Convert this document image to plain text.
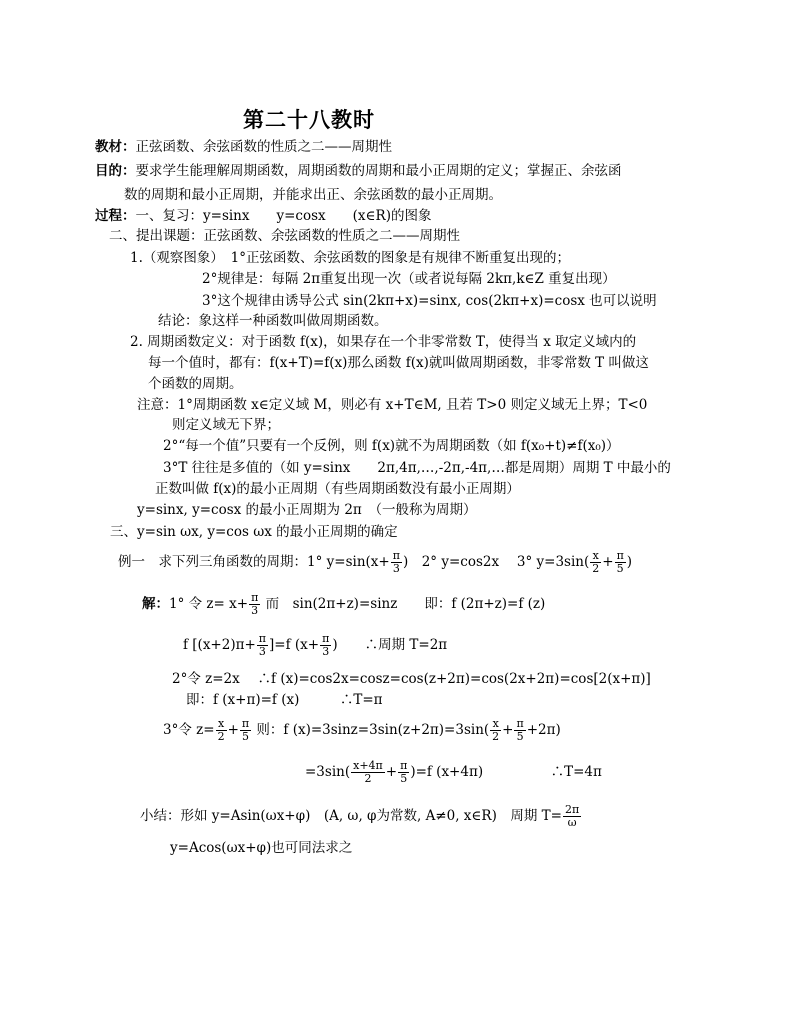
第二十八教时
教材：正弦函数、余弦函数的性质之二——周期性
目的：要求学生能理解周期函数，周期函数的周期和最小正周期的定义；掌握正、余弦函
数的周期和最小正周期，并能求出正、余弦函数的最小正周期。
过程：一、复习：y=sinx　　y=cosx　　(x∈R)的图象
二、提出课题：正弦函数、余弦函数的性质之二——周期性
1.（观察图象）　1°正弦函数、余弦函数的图象是有规律不断重复出现的；
2°规律是：每隔 2π重复出现一次（或者说每隔 2kπ,k∈Z 重复出现）
3°这个规律由诱导公式 sin(2kπ+x)=sinx, cos(2kπ+x)=cosx 也可以说明
结论：象这样一种函数叫做周期函数。
2. 周期函数定义：对于函数 f(x)，如果存在一个非零常数 T，使得当 x 取定义域内的
每一个值时，都有：f(x+T)=f(x)那么函数 f(x)就叫做周期函数，非零常数 T 叫做这
个函数的周期。
注意：1°周期函数 x∈定义域 M，则必有 x+T∈M, 且若 T>0 则定义域无上界；T<0
则定义域无下界；
2°“每一个值”只要有一个反例，则 f(x)就不为周期函数（如 f(x₀+t)≠f(x₀)）
3°T 往往是多值的（如 y=sinx　　2π,4π,…,-2π,-4π,…都是周期）周期 T 中最小的
正数叫做 f(x)的最小正周期（有些周期函数没有最小正周期）
y=sinx, y=cosx 的最小正周期为 2π　（一般称为周期）
三、y=sin ωx, y=cos ωx 的最小正周期的确定
例一　求下列三角函数的周期：1° $y=\sin(x+ \frac{\pi}{3}$ )　2° y=cos2x　 3° $y=3\sin( \frac{x}{2} + \frac{\pi}{5}$ )
解：1° 令 $z= x+ \frac{\pi}{3}$ 而　sin(2π+z)=sinz　　即：f (2π+z)=f (z)
f $[(x+2)\pi+ \frac{\pi}{3} ]=f$ ($x+ \frac{\pi}{3}$ )　　∴周期 T=2π
2°令 z=2x　 ∴f (x)=cos2x=cosz=cos(z+2π)=cos(2x+2π)=cos[2(x+π)]
即：f (x+π)=f (x)　　　∴T=π
3°令 $z= \frac{x}{2} + \frac{\pi}{5}$ 则：f $(x)=3\sin z=3\sin(z+2\pi)=3\sin( \frac{x}{2} + \frac{\pi}{5} +2\pi)$
$=3\sin( \frac{x+4\pi}{2} + \frac{\pi}{5} )=f$ (x+4π)　　　　　∴T=4π
小结：形如 y=Asin(ωx+φ)　(A, ω, φ为常数, A≠0, x∈R)　周期 $T= \frac{2\pi}{\omega}$
y=Acos(ωx+φ)也可同法求之
